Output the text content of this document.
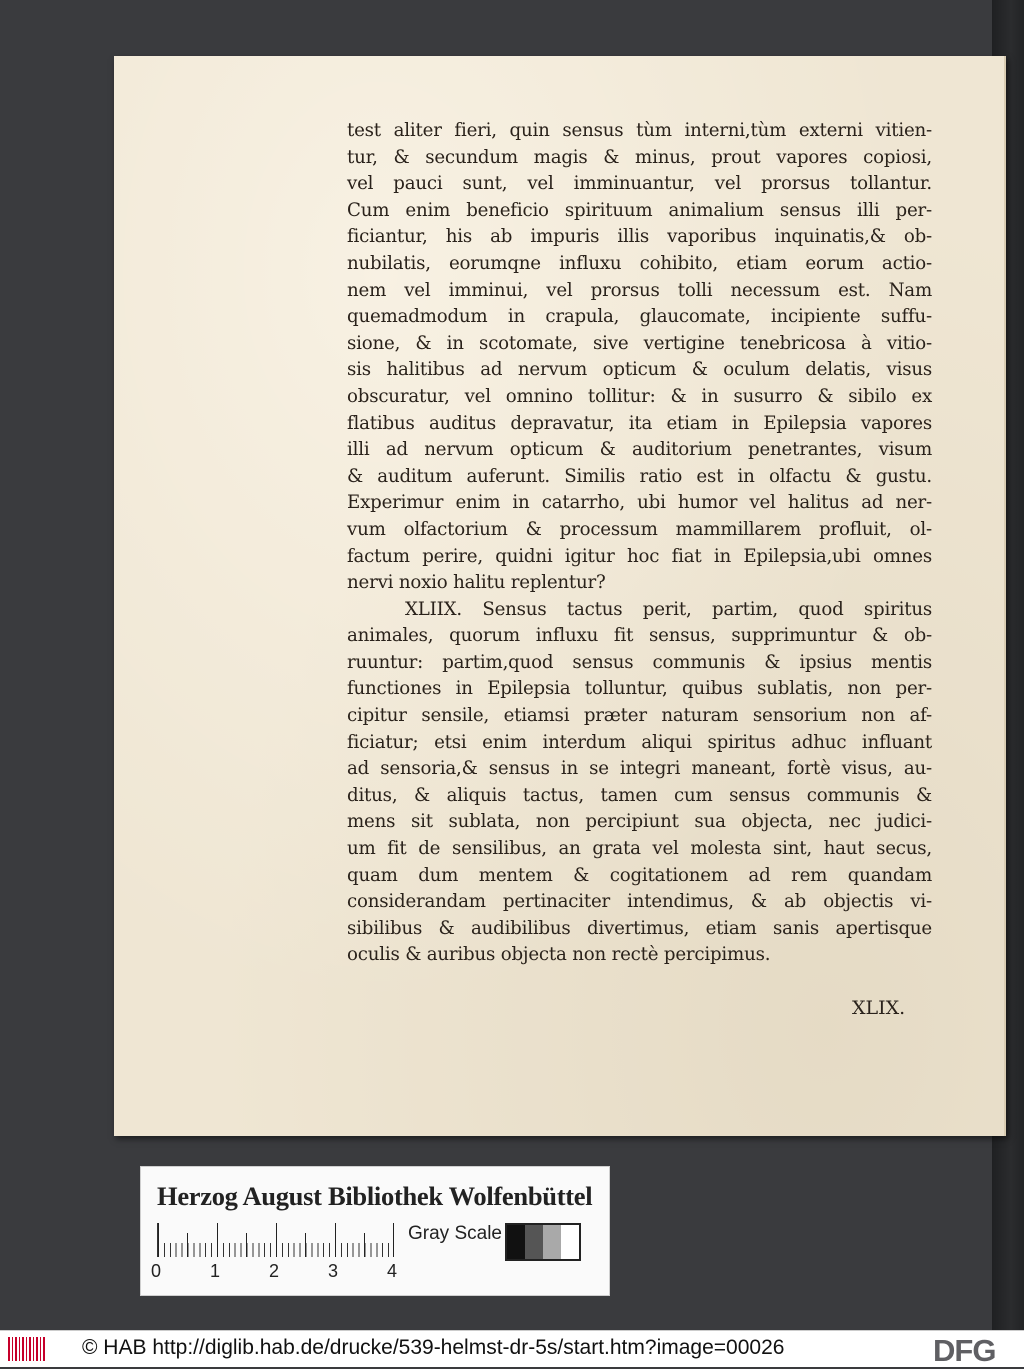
test aliter fieri, quin sensus tùm interni,tùm externi vitien-
tur, & secundum magis & minus, prout vapores copiosi,
vel pauci sunt, vel imminuantur, vel prorsus tollantur.
Cum enim beneficio spirituum animalium sensus illi per-
ficiantur, his ab impuris illis vaporibus inquinatis,& ob-
nubilatis, eorumqne influxu cohibito, etiam eorum actio-
nem vel imminui, vel prorsus tolli necessum est. Nam
quemadmodum in crapula, glaucomate, incipiente suffu-
sione, & in scotomate, sive vertigine tenebricosa à vitio-
sis halitibus ad nervum opticum & oculum delatis, visus
obscuratur, vel omnino tollitur: & in susurro & sibilo ex
flatibus auditus depravatur, ita etiam in Epilepsia vapores
illi ad nervum opticum & auditorium penetrantes, visum
& auditum auferunt. Similis ratio est in olfactu & gustu.
Experimur enim in catarrho, ubi humor vel halitus ad ner-
vum olfactorium & processum mammillarem profluit, ol-
factum perire, quidni igitur hoc fiat in Epilepsia,ubi omnes
nervi noxio halitu replentur?
XLIIX. Sensus tactus perit, partim, quod spiritus
animales, quorum influxu fit sensus, supprimuntur & ob-
ruuntur: partim,quod sensus communis & ipsius mentis
functiones in Epilepsia tolluntur, quibus sublatis, non per-
cipitur sensile, etiamsi præter naturam sensorium non af-
ficiatur; etsi enim interdum aliqui spiritus adhuc influant
ad sensoria,& sensus in se integri maneant, fortè visus, au-
ditus, & aliquis tactus, tamen cum sensus communis &
mens sit sublata, non percipiunt sua objecta, nec judici-
um fit de sensilibus, an grata vel molesta sint, haut secus,
quam dum mentem & cogitationem ad rem quandam
considerandam pertinaciter intendimus, & ab objectis vi-
sibilibus & audibilibus divertimus, etiam sanis apertisque
oculis & auribus objecta non rectè percipimus.
XLIX.
Herzog August Bibliothek Wolfenbüttel
0	1	2	3	4
Gray Scale
© HAB http://diglib.hab.de/drucke/539-helmst-dr-5s/start.htm?image=00026	DFG
